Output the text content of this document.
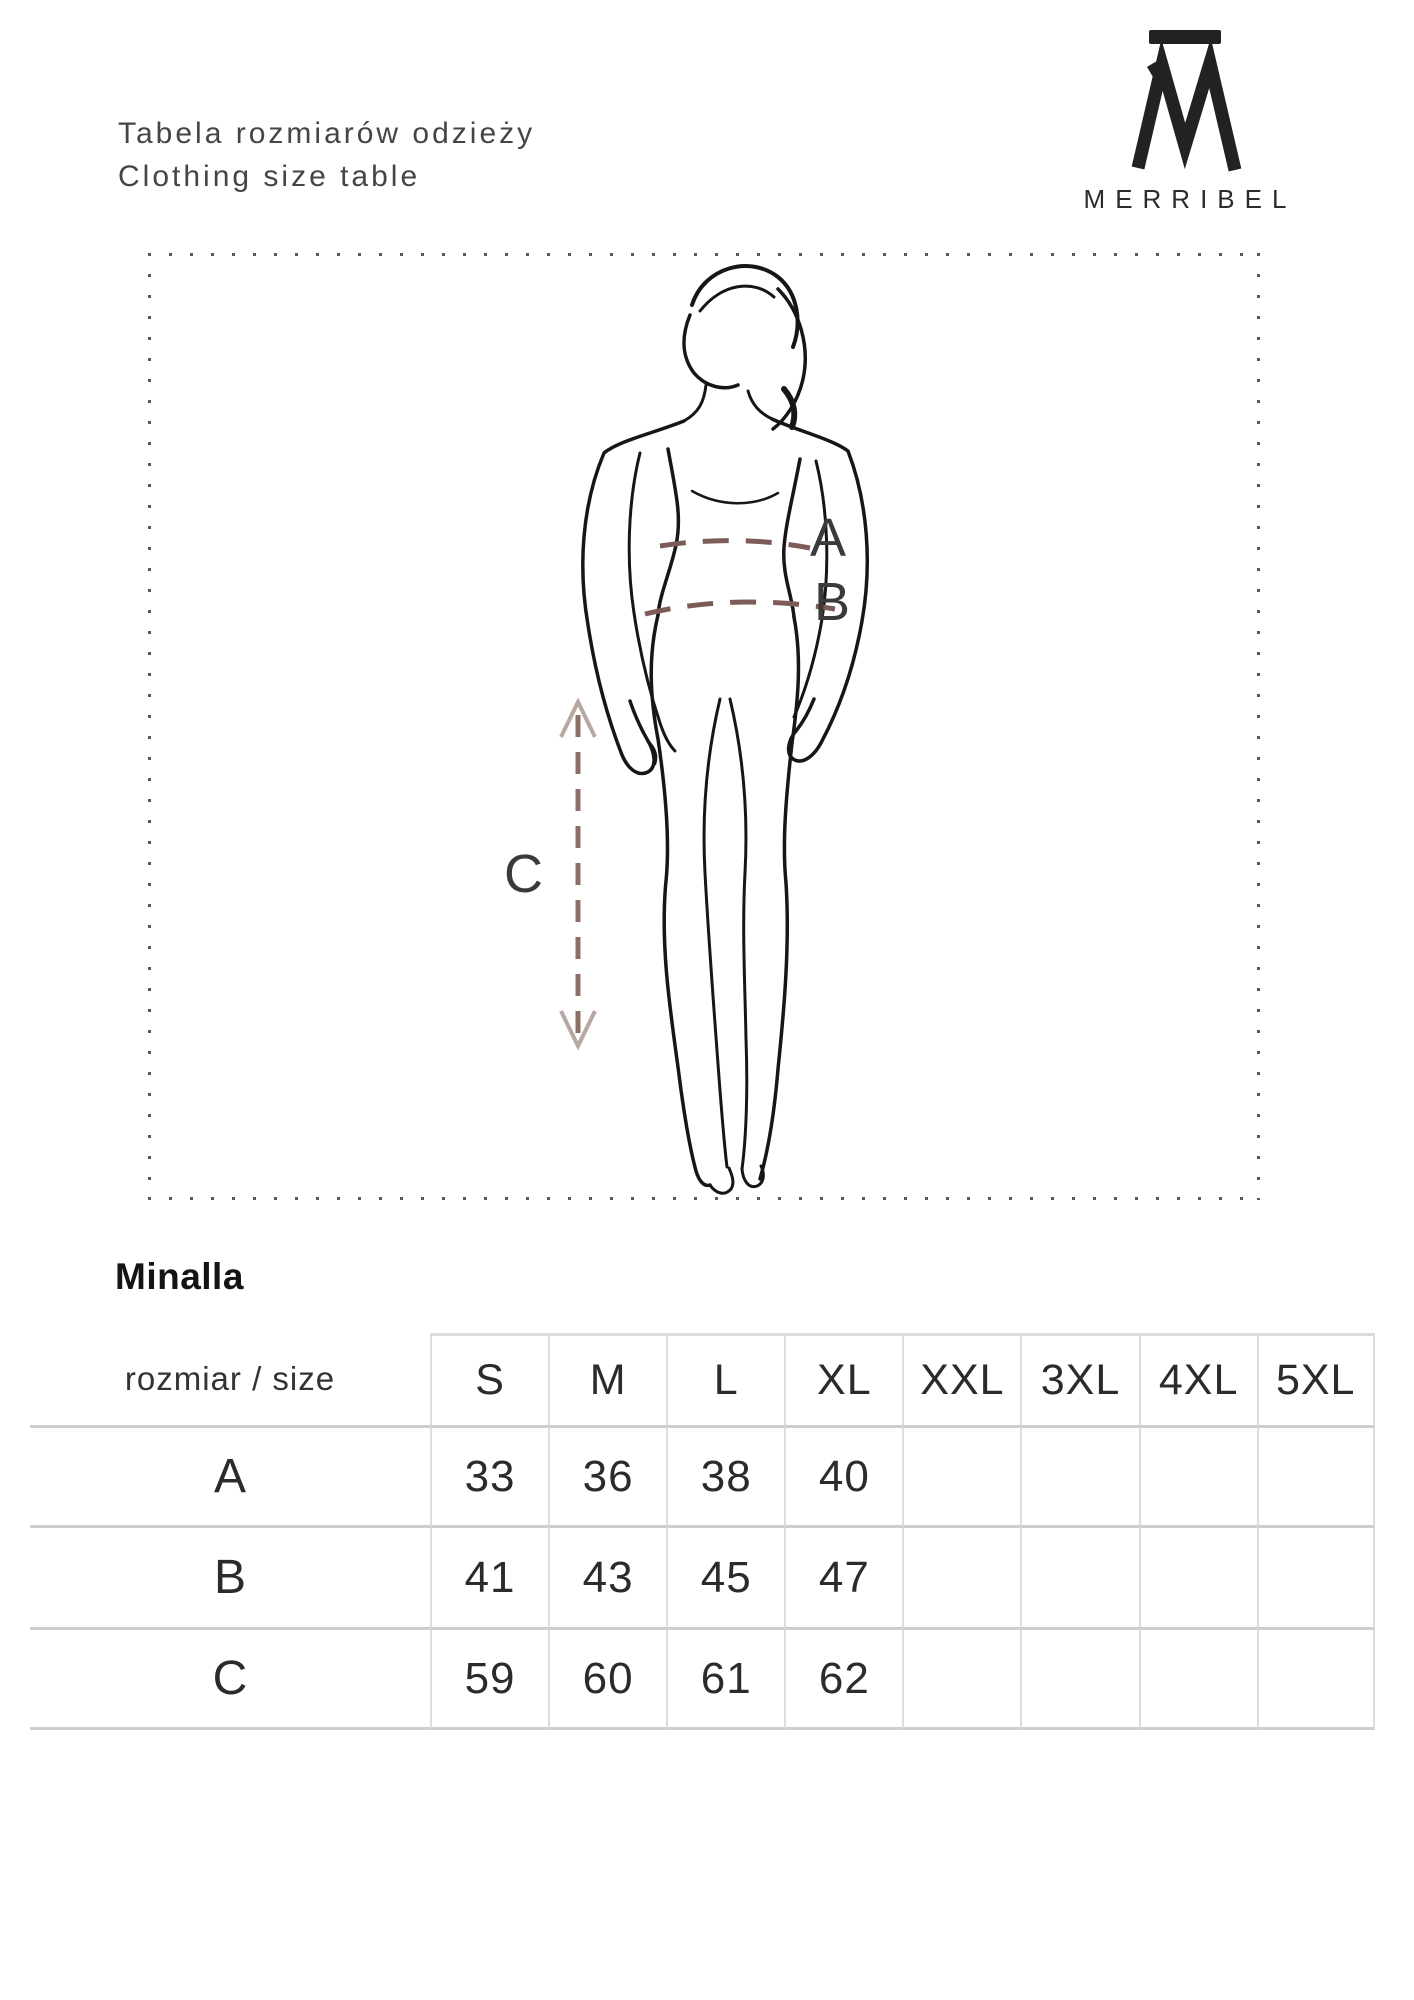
Tabela rozmiarów odzieży
Clothing size table
MERRIBEL
A
B
C
Minalla
rozmiar / size	S	M	L	XL	XXL 3XL 4XL 5XL
A	33	36	38	40
B	41	43	45	47
C	59	60	61	62
